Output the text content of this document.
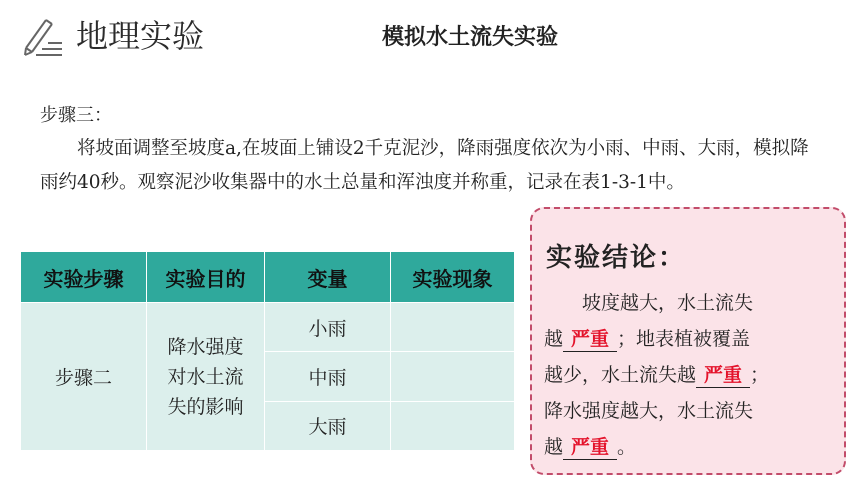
地理实验	模拟水土流失实验
步骤三：
将坡面调整至坡度a,在坡面上铺设2千克泥沙，降雨强度依次为小雨、中雨、大雨，模拟降雨约40秒。观察泥沙收集器中的水土总量和浑浊度并称重，记录在表1-3-1中。
实验步骤	实验目的	变量	实验现象
步骤二	降水强度
对水土流
失的影响	小雨	
		中雨	
		大雨	
实验结论：
坡度越大，水土流失
越 严重 ；地表植被覆盖
越少，水土流失越 严重 ；
降水强度越大，水土流失
越 严重 。
